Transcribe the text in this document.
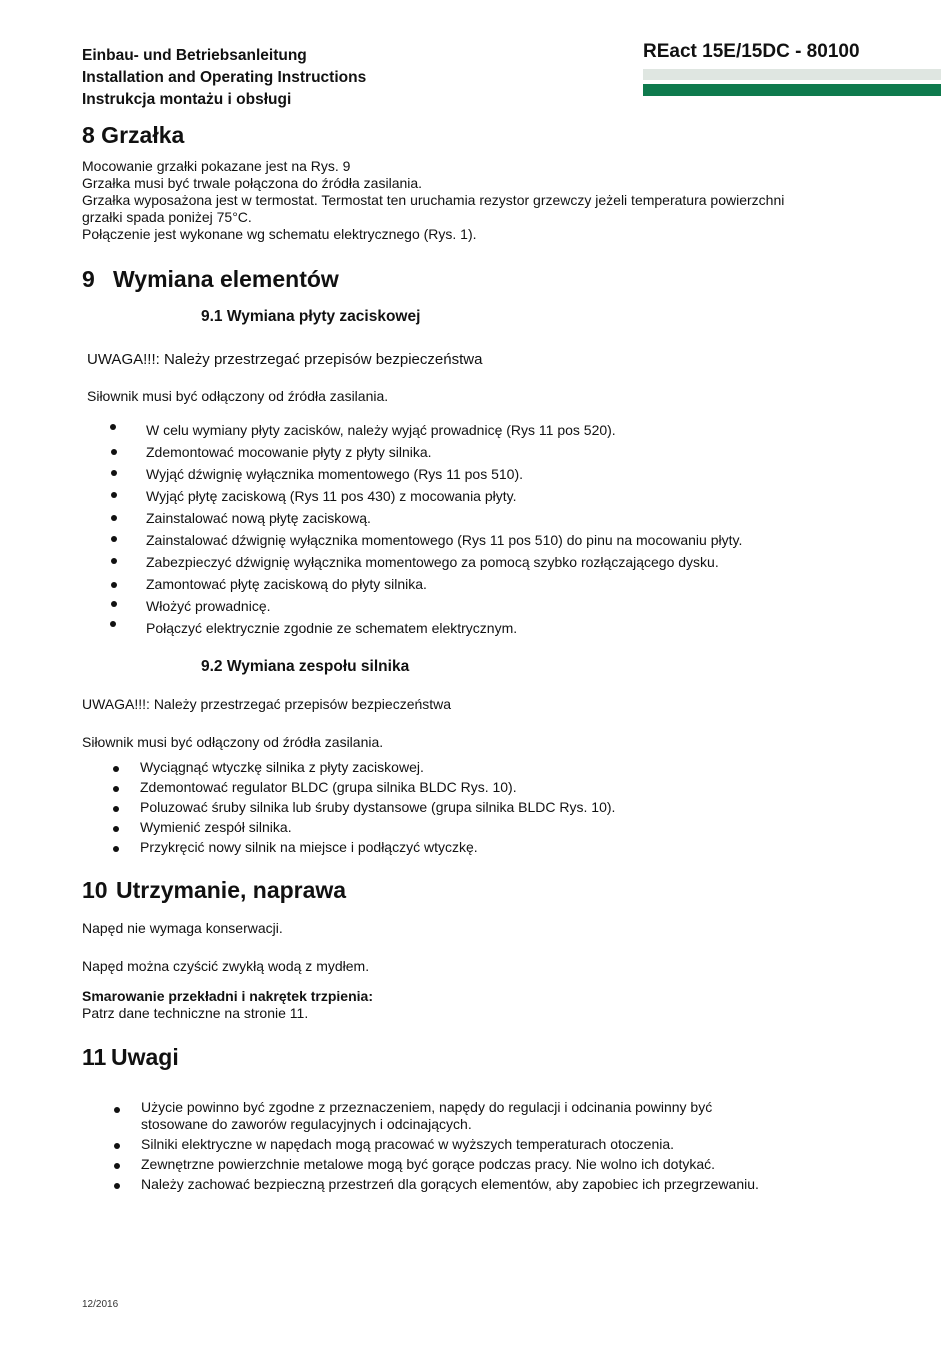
Einbau- und Betriebsanleitung
Installation and Operating Instructions
Instrukcja montażu i obsługi
REact 15E/15DC - 80100
8 Grzałka
Mocowanie grzałki pokazane jest na Rys. 9
Grzałka musi być trwale połączona do źródła zasilania.
Grzałka wyposażona jest w termostat. Termostat ten uruchamia rezystor grzewczy jeżeli temperatura powierzchni
grzałki spada poniżej 75°C.
Połączenie jest wykonane wg schematu elektrycznego (Rys. 1).
9 Wymiana elementów
9.1 Wymiana płyty zaciskowej
UWAGA!!!: Należy przestrzegać przepisów bezpieczeństwa
Siłownik musi być odłączony od źródła zasilania.
W celu wymiany płyty zacisków, należy wyjąć prowadnicę (Rys 11 pos 520).
Zdemontować mocowanie płyty z płyty silnika.
Wyjąć dźwignię wyłącznika momentowego (Rys 11 pos 510).
Wyjąć płytę zaciskową (Rys 11 pos 430) z mocowania płyty.
Zainstalować nową płytę zaciskową.
Zainstalować dźwignię wyłącznika momentowego (Rys 11 pos 510) do pinu na mocowaniu płyty.
Zabezpieczyć dźwignię wyłącznika momentowego za pomocą szybko rozłączającego dysku.
Zamontować płytę zaciskową do płyty silnika.
Włożyć prowadnicę.
Połączyć elektrycznie zgodnie ze schematem elektrycznym.
9.2 Wymiana zespołu silnika
UWAGA!!!: Należy przestrzegać przepisów bezpieczeństwa
Siłownik musi być odłączony od źródła zasilania.
Wyciągnąć wtyczkę silnika z płyty zaciskowej.
Zdemontować regulator BLDC (grupa silnika BLDC Rys. 10).
Poluzować śruby silnika lub śruby dystansowe (grupa silnika BLDC Rys. 10).
Wymienić zespół silnika.
Przykręcić nowy silnik na miejsce i podłączyć wtyczkę.
10 Utrzymanie, naprawa
Napęd nie wymaga konserwacji.
Napęd można czyścić zwykłą wodą z mydłem.
Smarowanie przekładni i nakrętek trzpienia:
Patrz dane techniczne na stronie 11.
11 Uwagi
Użycie powinno być zgodne z przeznaczeniem, napędy do regulacji i odcinania powinny być
stosowane do zaworów regulacyjnych i odcinających.
Silniki elektryczne w napędach mogą pracować w wyższych temperaturach otoczenia.
Zewnętrzne powierzchnie metalowe mogą być gorące podczas pracy. Nie wolno ich dotykać.
Należy zachować bezpieczną przestrzeń dla gorących elementów, aby zapobiec ich przegrzewaniu.
12/2016
